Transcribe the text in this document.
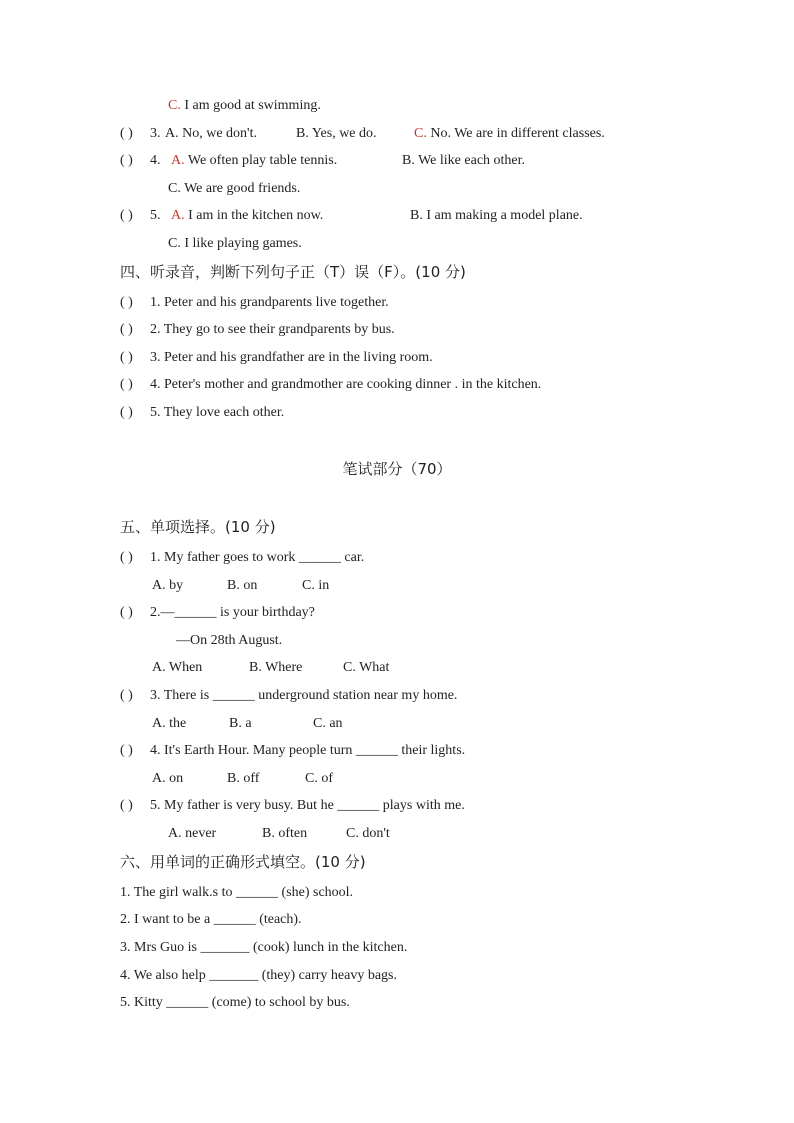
C. I am good at swimming.
( ) 3. A. No, we don't.	B. Yes, we do.	C. No. We are in different classes.
( ) 4. A. We often play table tennis.	B. We like each other.
C. We are good friends.
( ) 5. A. I am in the kitchen now.	B. I am making a model plane.
C. I like playing games.
四、听录音，判断下列句子正（T）误（F）。(10 分)
( ) 1. Peter and his grandparents live together.
( ) 2. They go to see their grandparents by bus.
( ) 3. Peter and his grandfather are in the living room.
( ) 4. Peter's mother and grandmother are cooking dinner . in the kitchen.
( ) 5. They love each other.
笔试部分（70）
五、单项选择。(10 分)
( ) 1. My father goes to work ______ car.
A. by	B. on	C. in
( ) 2.—______ is your birthday?
—On 28th August.
A. When	B. Where	C. What
( ) 3. There is ______ underground station near my home.
A. the	B. a	C. an
( ) 4. It's Earth Hour. Many people turn ______ their lights.
A. on	B. off	C. of
( ) 5. My father is very busy. But he ______ plays with me.
A. never	B. often	C. don't
六、用单词的正确形式填空。(10 分)
1. The girl walk.s to ______ (she) school.
2. I want to be a ______ (teach).
3. Mrs Guo is _______ (cook) lunch in the kitchen.
4. We also help _______ (they) carry heavy bags.
5. Kitty ______ (come) to school by bus.
